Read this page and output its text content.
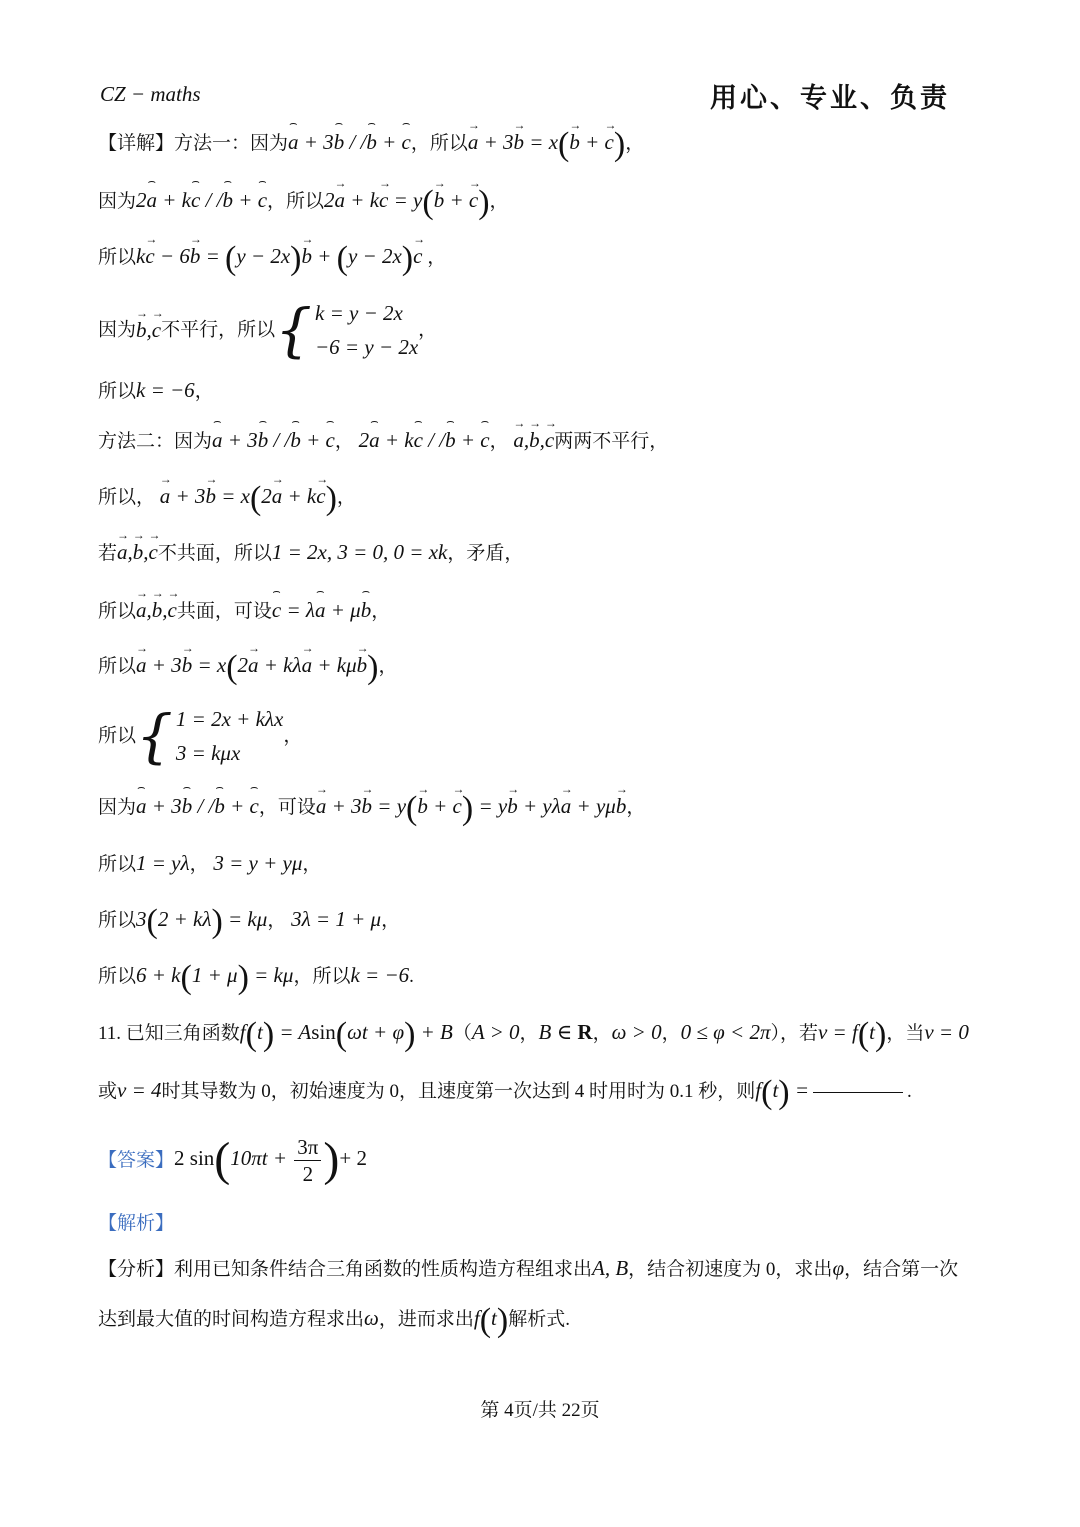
CZ − maths	用心、专业、负责
【详解】方法一：因为a ⌢ + 3b ⌢ / /b ⌢ + c ⌢，所以a → + 3b → = x(b → + c →)，
因为2a ⌢ + kc ⌢ / /b ⌢ + c ⌢，所以2a → + kc → = y(b → + c →)，
所以kc → − 6b → = (y − 2x)b → + (y − 2x)c → ，
因为b →,c →不平行，所以 { k = y − 2x
−6 = y − 2x
，
所以k = −6，
方法二：因为a ⌢ + 3b ⌢ / /b ⌢ + c ⌢， 2a ⌢ + kc ⌢ / /b ⌢ + c ⌢， a →,b →,c →两两不平行，
所以， a → + 3b → = x(2a → + kc →)，
若a →,b →,c →不共面，所以1 = 2x, 3 = 0, 0 = xk，矛盾，
所以a →,b →,c →共面，可设c ⌢ = λa ⌢ + μb ⌢，
所以a → + 3b → = x(2a → + kλa → + kμb →)，
所以 { 1 = 2x + kλx
3 = kμx
，
因为a ⌢ + 3b ⌢ / /b ⌢ + c ⌢，可设a → + 3b → = y(b → + c →) = yb → + yλa → + yμb →，
所以1 = yλ， 3 = y + yμ，
所以3(2 + kλ) = kμ， 3λ = 1 + μ，
所以6 + k(1 + μ) = kμ，所以k = −6.
11. 已知三角函数f(t) = Asin(ωt + φ) + B（A > 0，B ∈ R，ω > 0，0 ≤ φ < 2π），若v = f(t)，当v = 0
或v = 4时其导数为 0，初始速度为 0，且速度第一次达到 4 时用时为 0.1 秒，则f(t) =	.
【答案】2 $\sin(10\pi t + \frac{3\pi}{2}$ )+ 2
【解析】
【分析】利用已知条件结合三角函数的性质构造方程组求出A, B，结合初速度为 0，求出φ，结合第一次
达到最大值的时间构造方程求出ω，进而求出f(t)解析式.
第 4页/共 22页
